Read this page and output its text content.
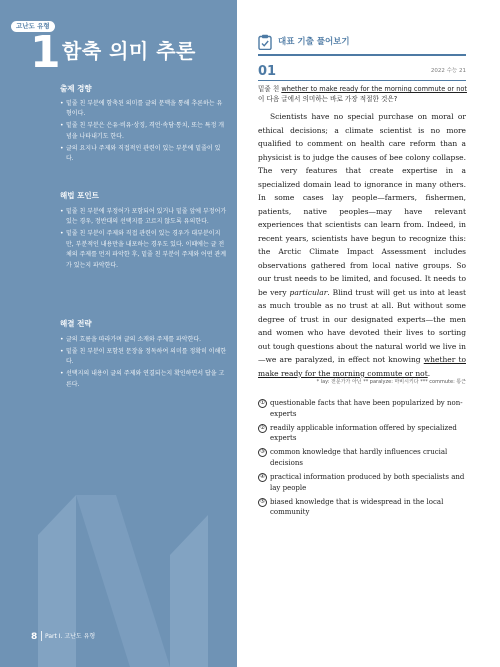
고난도 유형
1 함축 의미 추론
출제 경향
• 밑줄 친 부분에 함축된 의미를 글의 문맥을 통해 추론하는 유형이다.
• 밑줄 친 부분은 은유·비유·상징, 격언·속담·통치, 또는 특정 개념을 나타내기도 한다.
• 글의 요지나 주제와 직접적인 관련이 있는 부분에 밑줄이 있다.
해법 포인트
• 밑줄 친 부분에 부정어가 포함되어 있거나 밑줄 앞에 부정어가 있는 경우, 정반대의 선택지를 고르지 않도록 유의한다.
• 밑줄 친 부분이 주제와 직접 관련이 있는 경우가 대부분이지만, 부분적인 내용만을 내포하는 경우도 있다. 이때에는 글 전체의 주제를 먼저 파악한 후, 밑줄 친 부분이 주제와 어떤 관계가 있는지 파악한다.
해결 전략
• 글의 흐름을 따라가며 글의 소재와 주제를 파악한다.
• 밑줄 친 부분이 포함된 문장을 정독하여 의미를 정확히 이해한다.
• 선택지의 내용이 글의 주제와 연결되는지 확인하면서 답을 고른다.
8 Part Ⅰ. 고난도 유형
대표 기출 풀어보기
01	2022 수능 21
밑줄 친 whether to make ready for the morning commute or not이 다음 글에서 의미하는 바로 가장 적절한 것은?
Scientists have no special purchase on moral or ethical decisions; a climate scientist is no more qualified to comment on health care reform than a physicist is to judge the causes of bee colony collapse. The very features that create expertise in a specialized domain lead to ignorance in many others. In some cases lay people—farmers, fishermen, patients, native peoples—may have relevant experiences that scientists can learn from. Indeed, in recent years, scientists have begun to recognize this: the Arctic Climate Impact Assessment includes observations gathered from local native groups. So our trust needs to be limited, and focused. It needs to be very particular. Blind trust will get us into at least as much trouble as no trust at all. But without some degree of trust in our designated experts—the men and women who have devoted their lives to sorting out tough questions about the natural world we live in—we are paralyzed, in effect not knowing whether to make ready for the morning commute or not.
* lay: 전문가가 아닌 ** paralyze: 마비시키다 *** commute: 통근
① questionable facts that have been popularized by non-experts
② readily applicable information offered by specialized experts
③ common knowledge that hardly influences crucial decisions
④ practical information produced by both specialists and lay people
⑤ biased knowledge that is widespread in the local community
